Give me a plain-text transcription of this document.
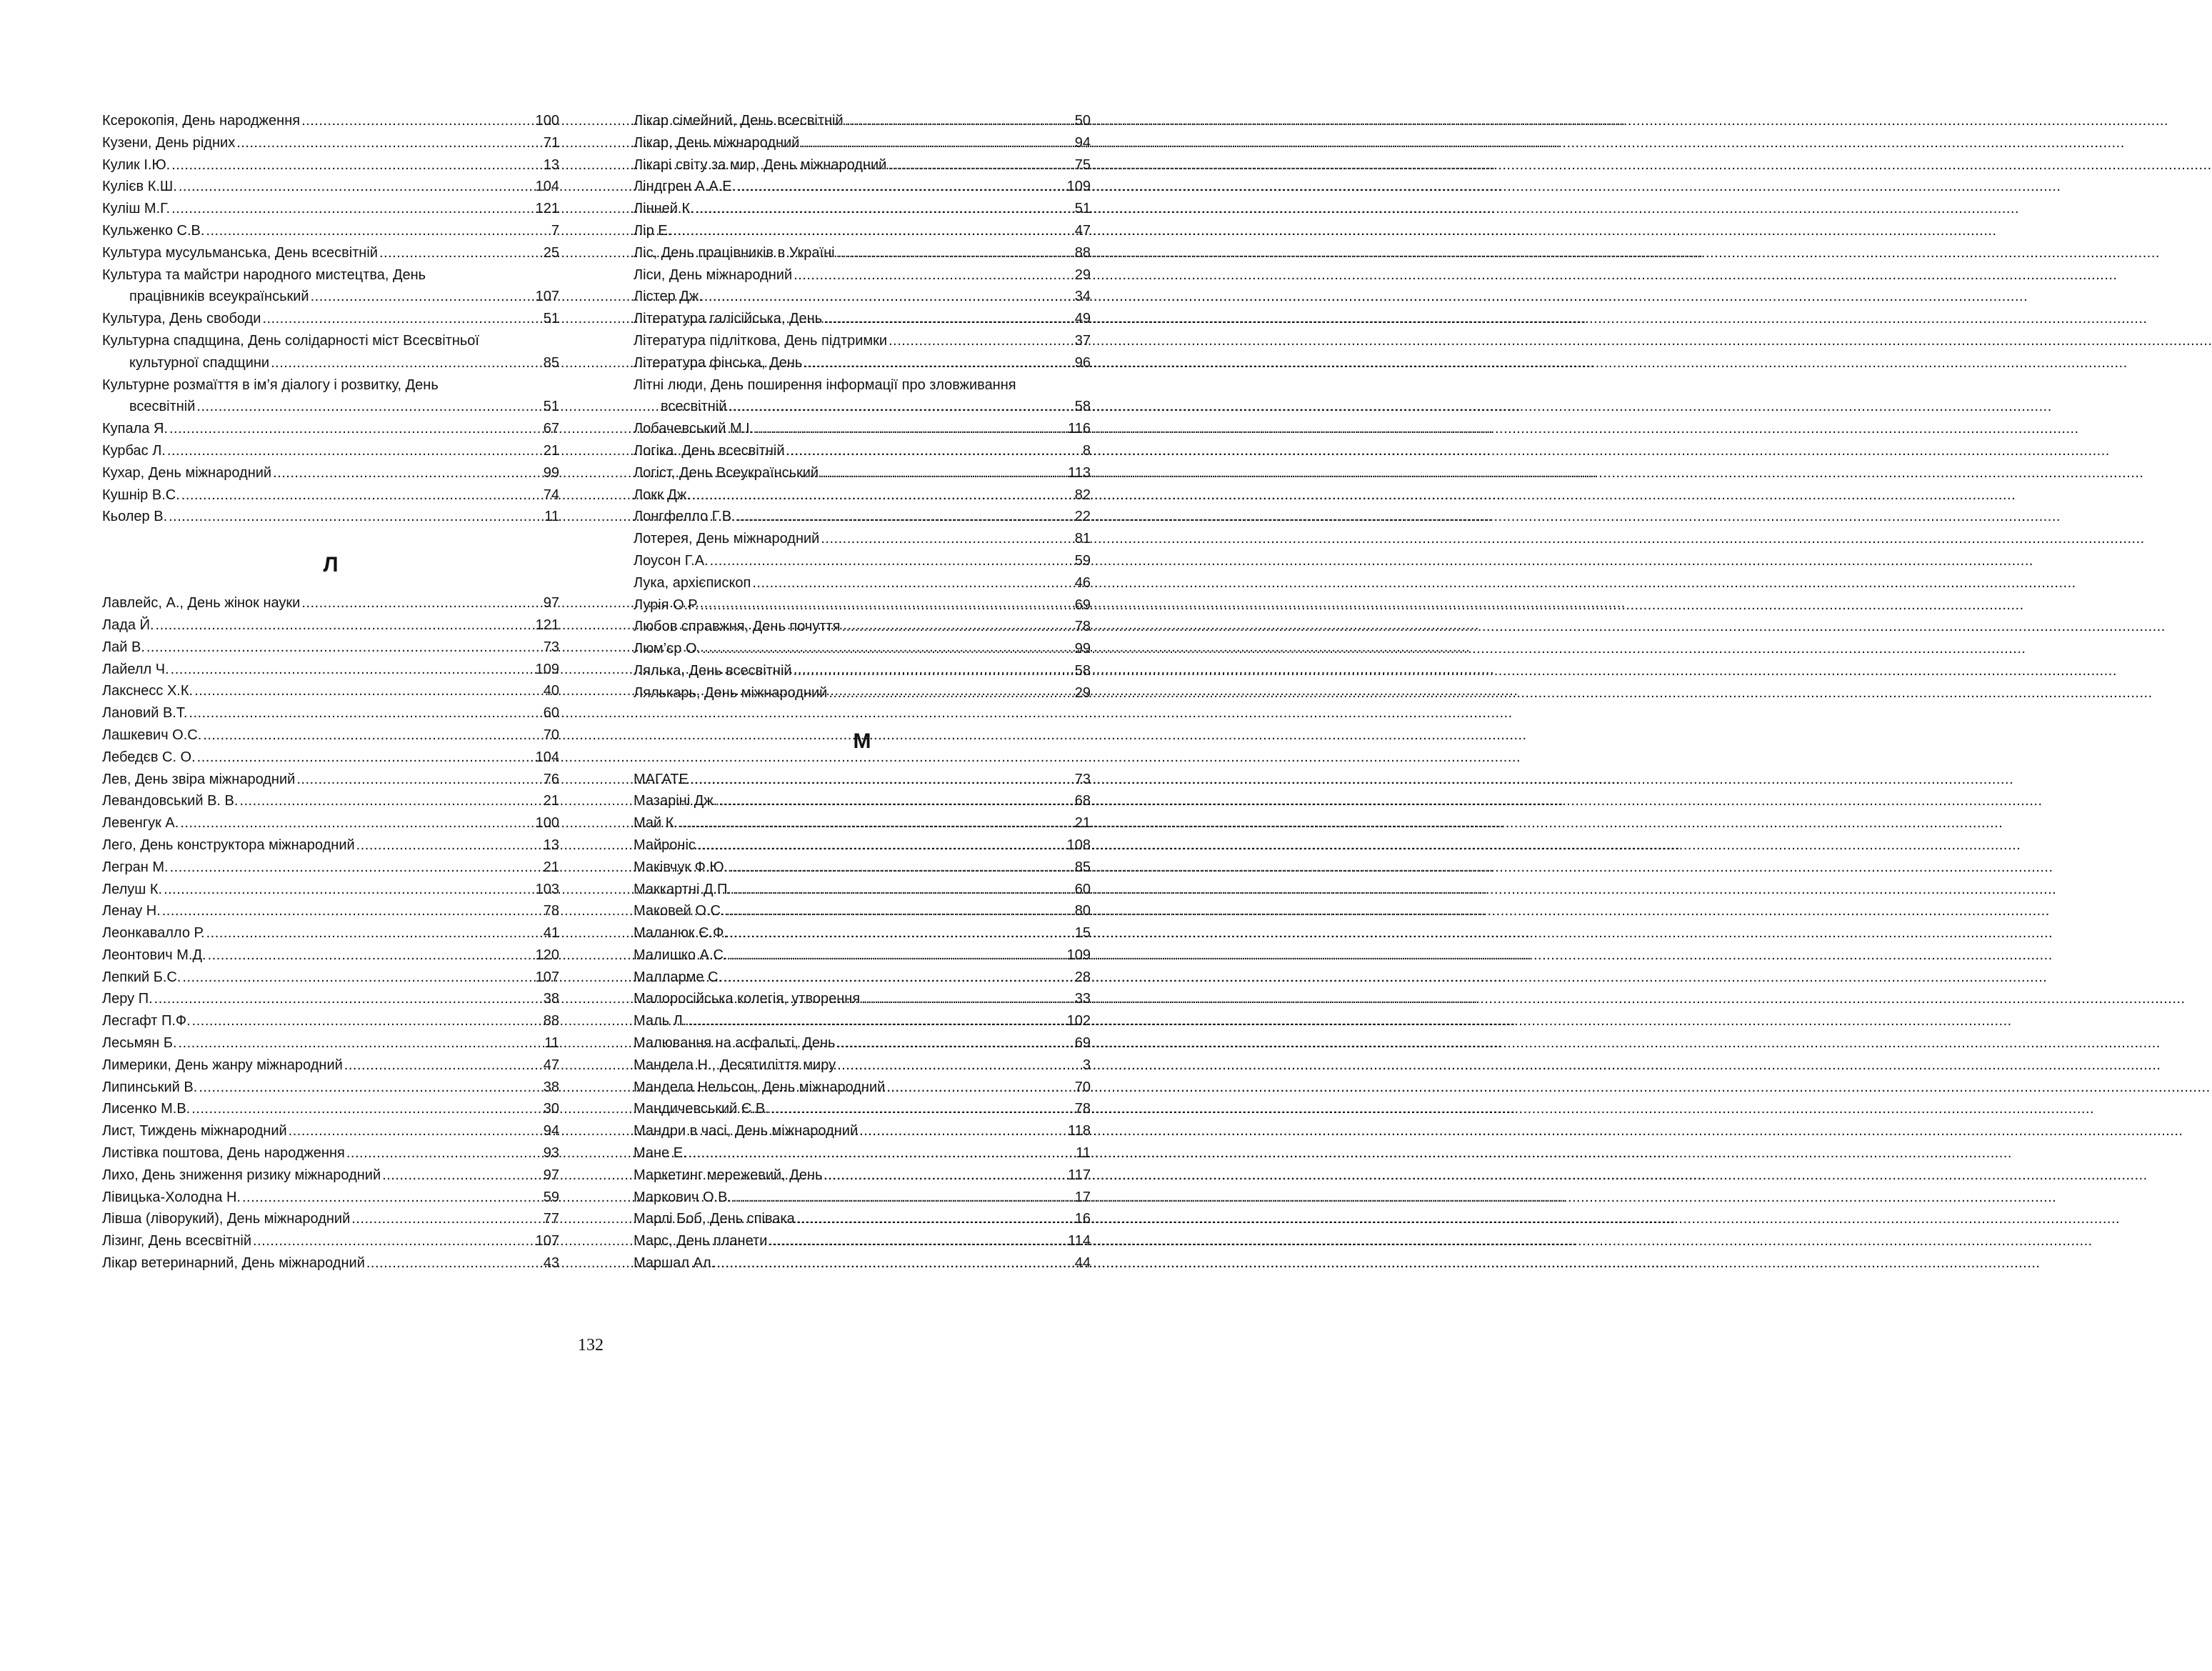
Ксерокопія, День народження .....	100
Кузени, День рідних .....	71
Кулик І.Ю. .....	13
Кулієв К.Ш. .....	104
Куліш М.Г. .....	121
Кульженко С.В. .....	7
Культура мусульманська, День всесвітній .....	25
Культура та майстри народного мистецтва, День
працівників всеукраїнський .....	107
Культура, День свободи .....	51
Культурна спадщина, День солідарності міст Всесвітньої
культурної спадщини .....	85
Культурне розмаїття в ім’я діалогу і розвитку, День
всесвітній .....	51
Купала Я. .....	67
Курбас Л. .....	21
Кухар, День міжнародний .....	99
Кушнір В.С. .....	74
Кьолер В. .....	11
Л
Лавлейс, А., День жінок науки .....	97
Лада Й. .....	121
Лай В. .....	73
Лайелл Ч. .....	109
Лакснесс Х.К. .....	40
Лановий В.Т. .....	60
Лашкевич О.С. .....	70
Лебедєв С. О. .....	104
Лев, День звіра міжнародний .....	76
Левандовський В. В. .....	21
Левенгук А. .....	100
Лего, День конструктора міжнародний .....	13
Легран М. .....	21
Лелуш К. .....	103
Ленау Н. .....	78
Леонкавалло Р. .....	41
Леонтович М.Д. .....	120
Лепкий Б.С. .....	107
Леру П. .....	38
Лесгафт П.Ф. .....	88
Лесьмян Б. .....	11
Лимерики, День жанру міжнародний .....	47
Липинський В. .....	38
Лисенко М.В. .....	30
Лист, Тиждень міжнародний .....	94
Листівка поштова, День народження .....	93
Лихо, День зниження ризику міжнародний .....	97
Лівицька-Холодна Н. .....	59
Лівша (ліворукий), День міжнародний .....	77
Лізинг, День всесвітній .....	107
Лікар ветеринарний, День міжнародний .....	43
Лікар сімейний, День всесвітній .....	50
Лікар, День міжнародний .....	94
Лікарі світу за мир, День міжнародний .....	75
Ліндгрен А.А.Е. .....	109
Лінней К. .....	51
Лір Е. .....	47
Ліс, День працівників в Україні .....	88
Ліси, День міжнародний .....	29
Лістер Дж. .....	34
Література галісійська, День .....	49
Література підліткова, День підтримки .....	37
Література фінська, День .....	96
Літні люди, День поширення інформації про зловживання
всесвітній .....	58
Лобачевський М.І. .....	116
Логіка. День всесвітній .....	8
Логіст, День Всеукраїнський .....	113
Локк Дж. .....	82
Лонгфелло Г.В. .....	22
Лотерея, День міжнародний .....	81
Лоусон Г.А. .....	59
Лука, архієпископ .....	46
Лурія О.Р. .....	69
Любов справжня, День почуття .....	78
Люм’єр О. .....	99
Лялька, День всесвітній .....	58
Лялькарь, День міжнародний .....	29
М
МАГАТЕ .....	73
Мазаріні Дж. .....	68
Май К. .....	21
Майроніс .....	108
Маківчук Ф.Ю. .....	85
Маккартні Д.П. .....	60
Маковей О.С. .....	80
Маланюк Є.Ф. .....	15
Малишко А.С. .....	109
Малларме С. .....	28
Малоросійська колегія, утворення .....	33
Маль Л. .....	102
Малювання на асфальті, День .....	69
Мандела Н., Десятиліття миру .....	3
Мандела Нельсон, День міжнародний .....	70
Мандичевський Є.В. .....	78
Мандри в часі, День міжнародний .....	118
Мане Е. .....	11
Маркетинг мережевий, День .....	117
Маркович О.В. .....	17
Марлі Боб, День співака .....	16
Марс, День планети .....	114
Маршал Ал. .....	44
132
